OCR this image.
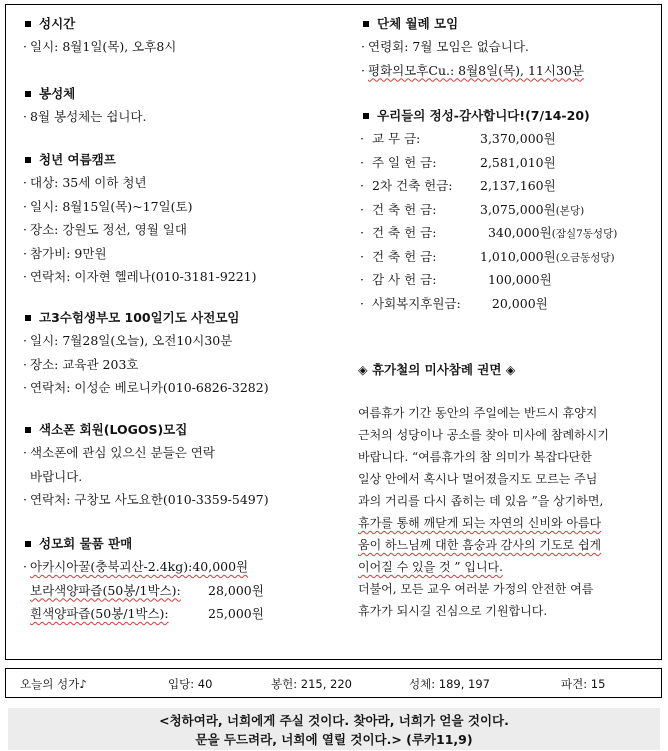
성시간
· 일시: 8월1일(목), 오후8시
봉성체
· 8월 봉성체는 쉽니다.
청년 여름캠프
· 대상: 35세 이하 청년
· 일시: 8월15일(목)~17일(토)
· 장소: 강원도 정선, 영월 일대
· 참가비: 9만원
· 연락처: 이자현 헬레나(010-3181-9221)
고3수험생부모 100일기도 사전모임
· 일시: 7월28일(오늘), 오전10시30분
· 장소: 교육관 203호
· 연락처: 이성순 베로니카(010-6826-3282)
색소폰 회원(LOGOS)모집
· 색소폰에 관심 있으신 분들은 연락
바랍니다.
· 연락처: 구창모 사도요한(010-3359-5497)
성모회 물품 판매
· 아카시아꿀(충북괴산-2.4kg):40,000원
보라색양파즙(50봉/1박스): 28,000원
흰색양파즙(50봉/1박스):	25,000원
단체 월례 모임
· 연령회: 7월 모임은 없습니다.
· 평화의모후Cu.: 8월8일(목), 11시30분
우리들의 정성-감사합니다!(7/14-20)
· 교 무 금:	3,370,000원
· 주 일 헌 금:	2,581,010원
· 2차 건축 헌금: 2,137,160원
· 건 축 헌 금:	3,075,000원(본당)
· 건 축 헌 금:	340,000원(잠실7동성당)
· 건 축 헌 금:	1,010,000원(오금동성당)
· 감 사 헌 금:	100,000원
· 사회복지후원금: 20,000원
◈ 휴가철의 미사참례 권면 ◈
여름휴가 기간 동안의 주일에는 반드시 휴양지
근처의 성당이나 공소를 찾아 미사에 참례하시기
바랍니다. “여름휴가의 참 의미가 복잡다단한
일상 안에서 혹시나 멀어졌을지도 모르는 주님
과의 거리를 다시 좁히는 데 있음 ”을 상기하면,
휴가를 통해 깨닫게 되는 자연의 신비와 아름다
움이 하느님께 대한 흠숭과 감사의 기도로 쉽게
이어질 수 있을 것 ” 입니다.
더불어, 모든 교우 여러분 가정의 안전한 여름
휴가가 되시길 진심으로 기원합니다.
오늘의 성가♪	입당: 40	봉헌: 215, 220	성체: 189, 197	파견: 15
<청하여라, 너희에게 주실 것이다. 찾아라, 너희가 얻을 것이다.
문을 두드려라, 너희에 열릴 것이다.> (루카11,9)
